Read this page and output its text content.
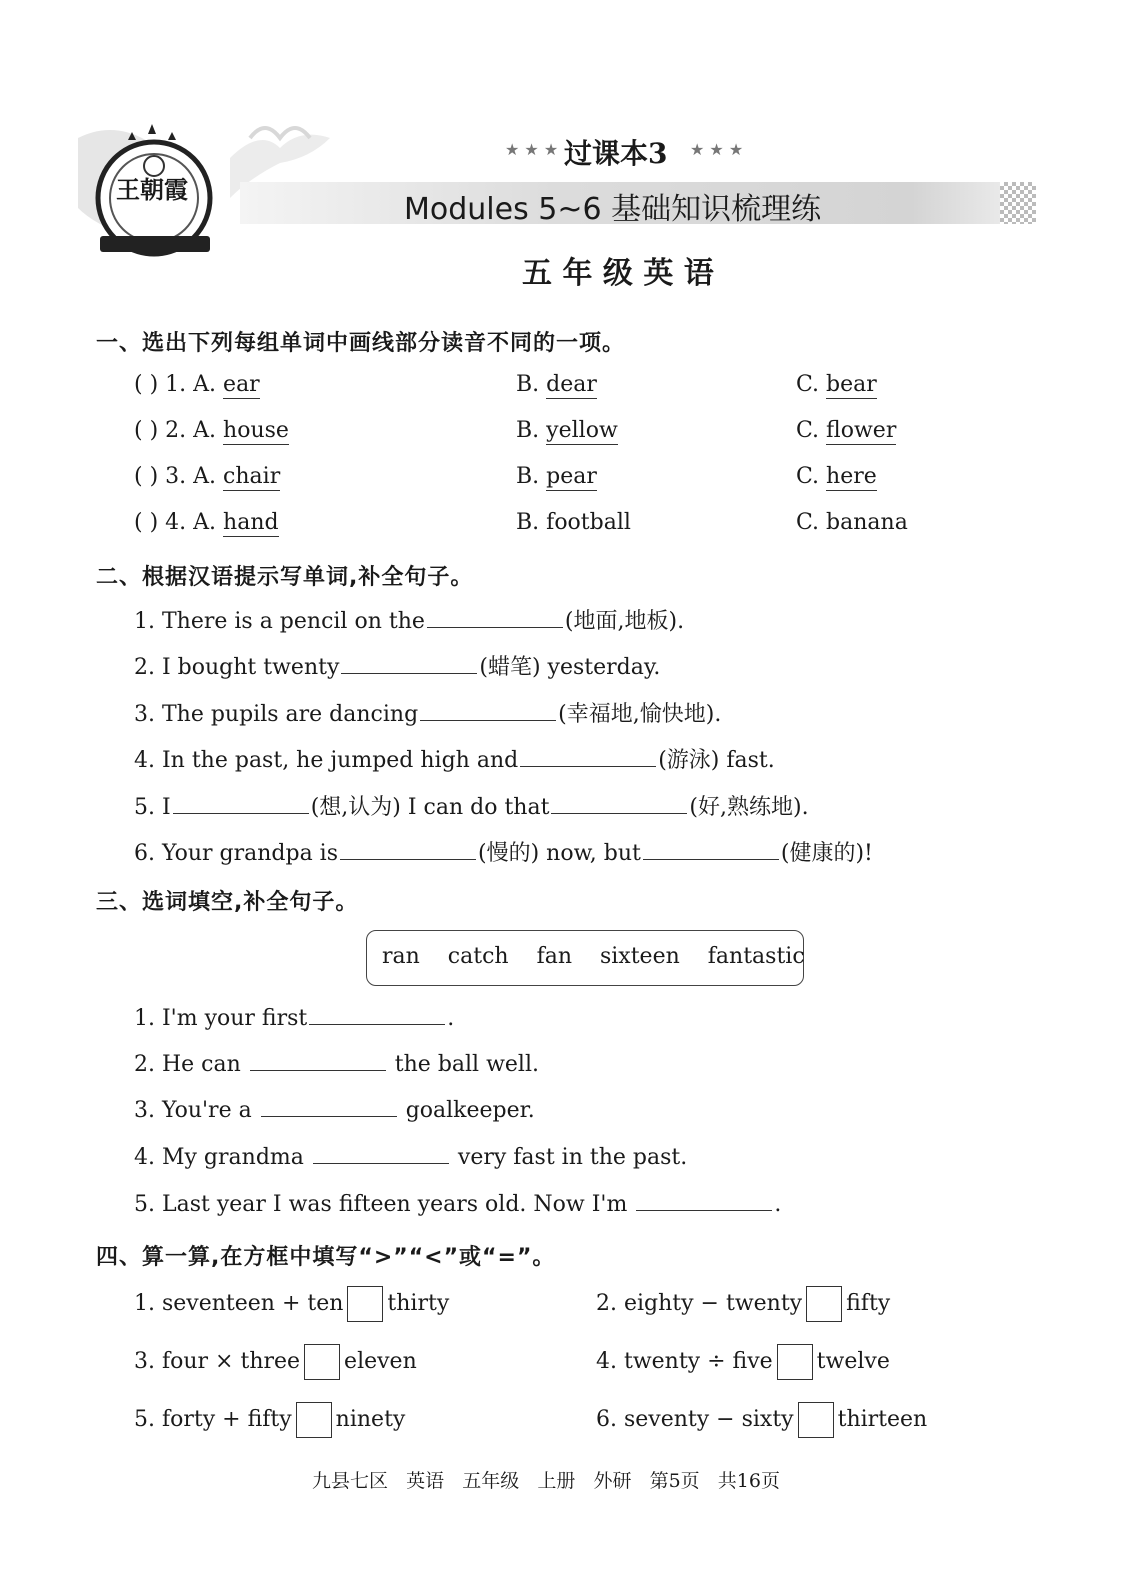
王朝霞
★ ★ ★ 过课本3 ★ ★ ★
Modules 5~6 基础知识梳理练
五 年 级 英 语
一、选出下列每组单词中画线部分读音不同的一项。
( ) 1. A. ear	B. dear	C. bear
( ) 2. A. house	B. yellow	C. flower
( ) 3. A. chair	B. pear	C. here
( ) 4. A. hand	B. football	C. banana
二、根据汉语提示写单词,补全句子。
1. There is a pencil on the	(地面,地板).
2. I bought twenty	(蜡笔) yesterday.
3. The pupils are dancing	(幸福地,愉快地).
4. In the past, he jumped high and	(游泳) fast.
5. I	(想,认为) I can do that	(好,熟练地).
6. Your grandpa is	(慢的) now, but	(健康的)!
三、选词填空,补全句子。
ran catch fan sixteen fantastic
1. I'm your first	.
2. He can	the ball well.
3. You're a	goalkeeper.
4. My grandma	very fast in the past.
5. Last year I was fifteen years old. Now I'm	.
四、算一算,在方框中填写“>”“<”或“=”。
1. seventeen + ten thirty	2. eighty − twenty fifty
3. four × three eleven	4. twenty ÷ five twelve
5. forty + fifty ninety	6. seventy − sixty thirteen
九县七区   英语   五年级   上册   外研   第5页   共16页
